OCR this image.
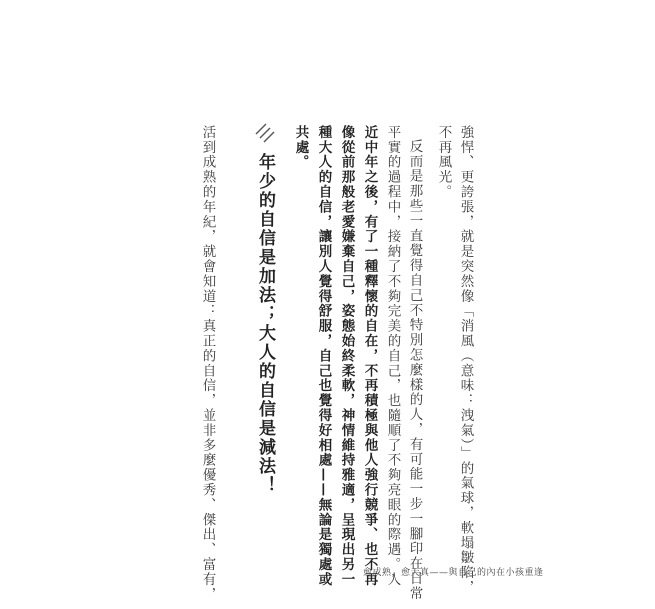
強悍、更誇張，就是突然像「消風（意味：洩氣）」的氣球，軟塌皺陷，
不再風光。
反而是那些一直覺得自己不特別怎麼樣的人，有可能一步一腳印在日常
平實的過程中，接納了不夠完美的自己，也隨順了不夠亮眼的際遇。人
近中年之後，有了一種釋懷的自在，不再積極與他人強行競爭、也不再
像從前那般老愛嫌棄自己，姿態始終柔軟，神情維持雅適，呈現出另一
種大人的自信，讓別人覺得舒服，自己也覺得好相處——無論是獨處或
共處。
年少的自信是加法；大人的自信是減法！
活到成熟的年紀，就會知道：真正的自信，並非多麼優秀、傑出、富有，	愈成熟，愈天真——與自己的內在小孩重逢
